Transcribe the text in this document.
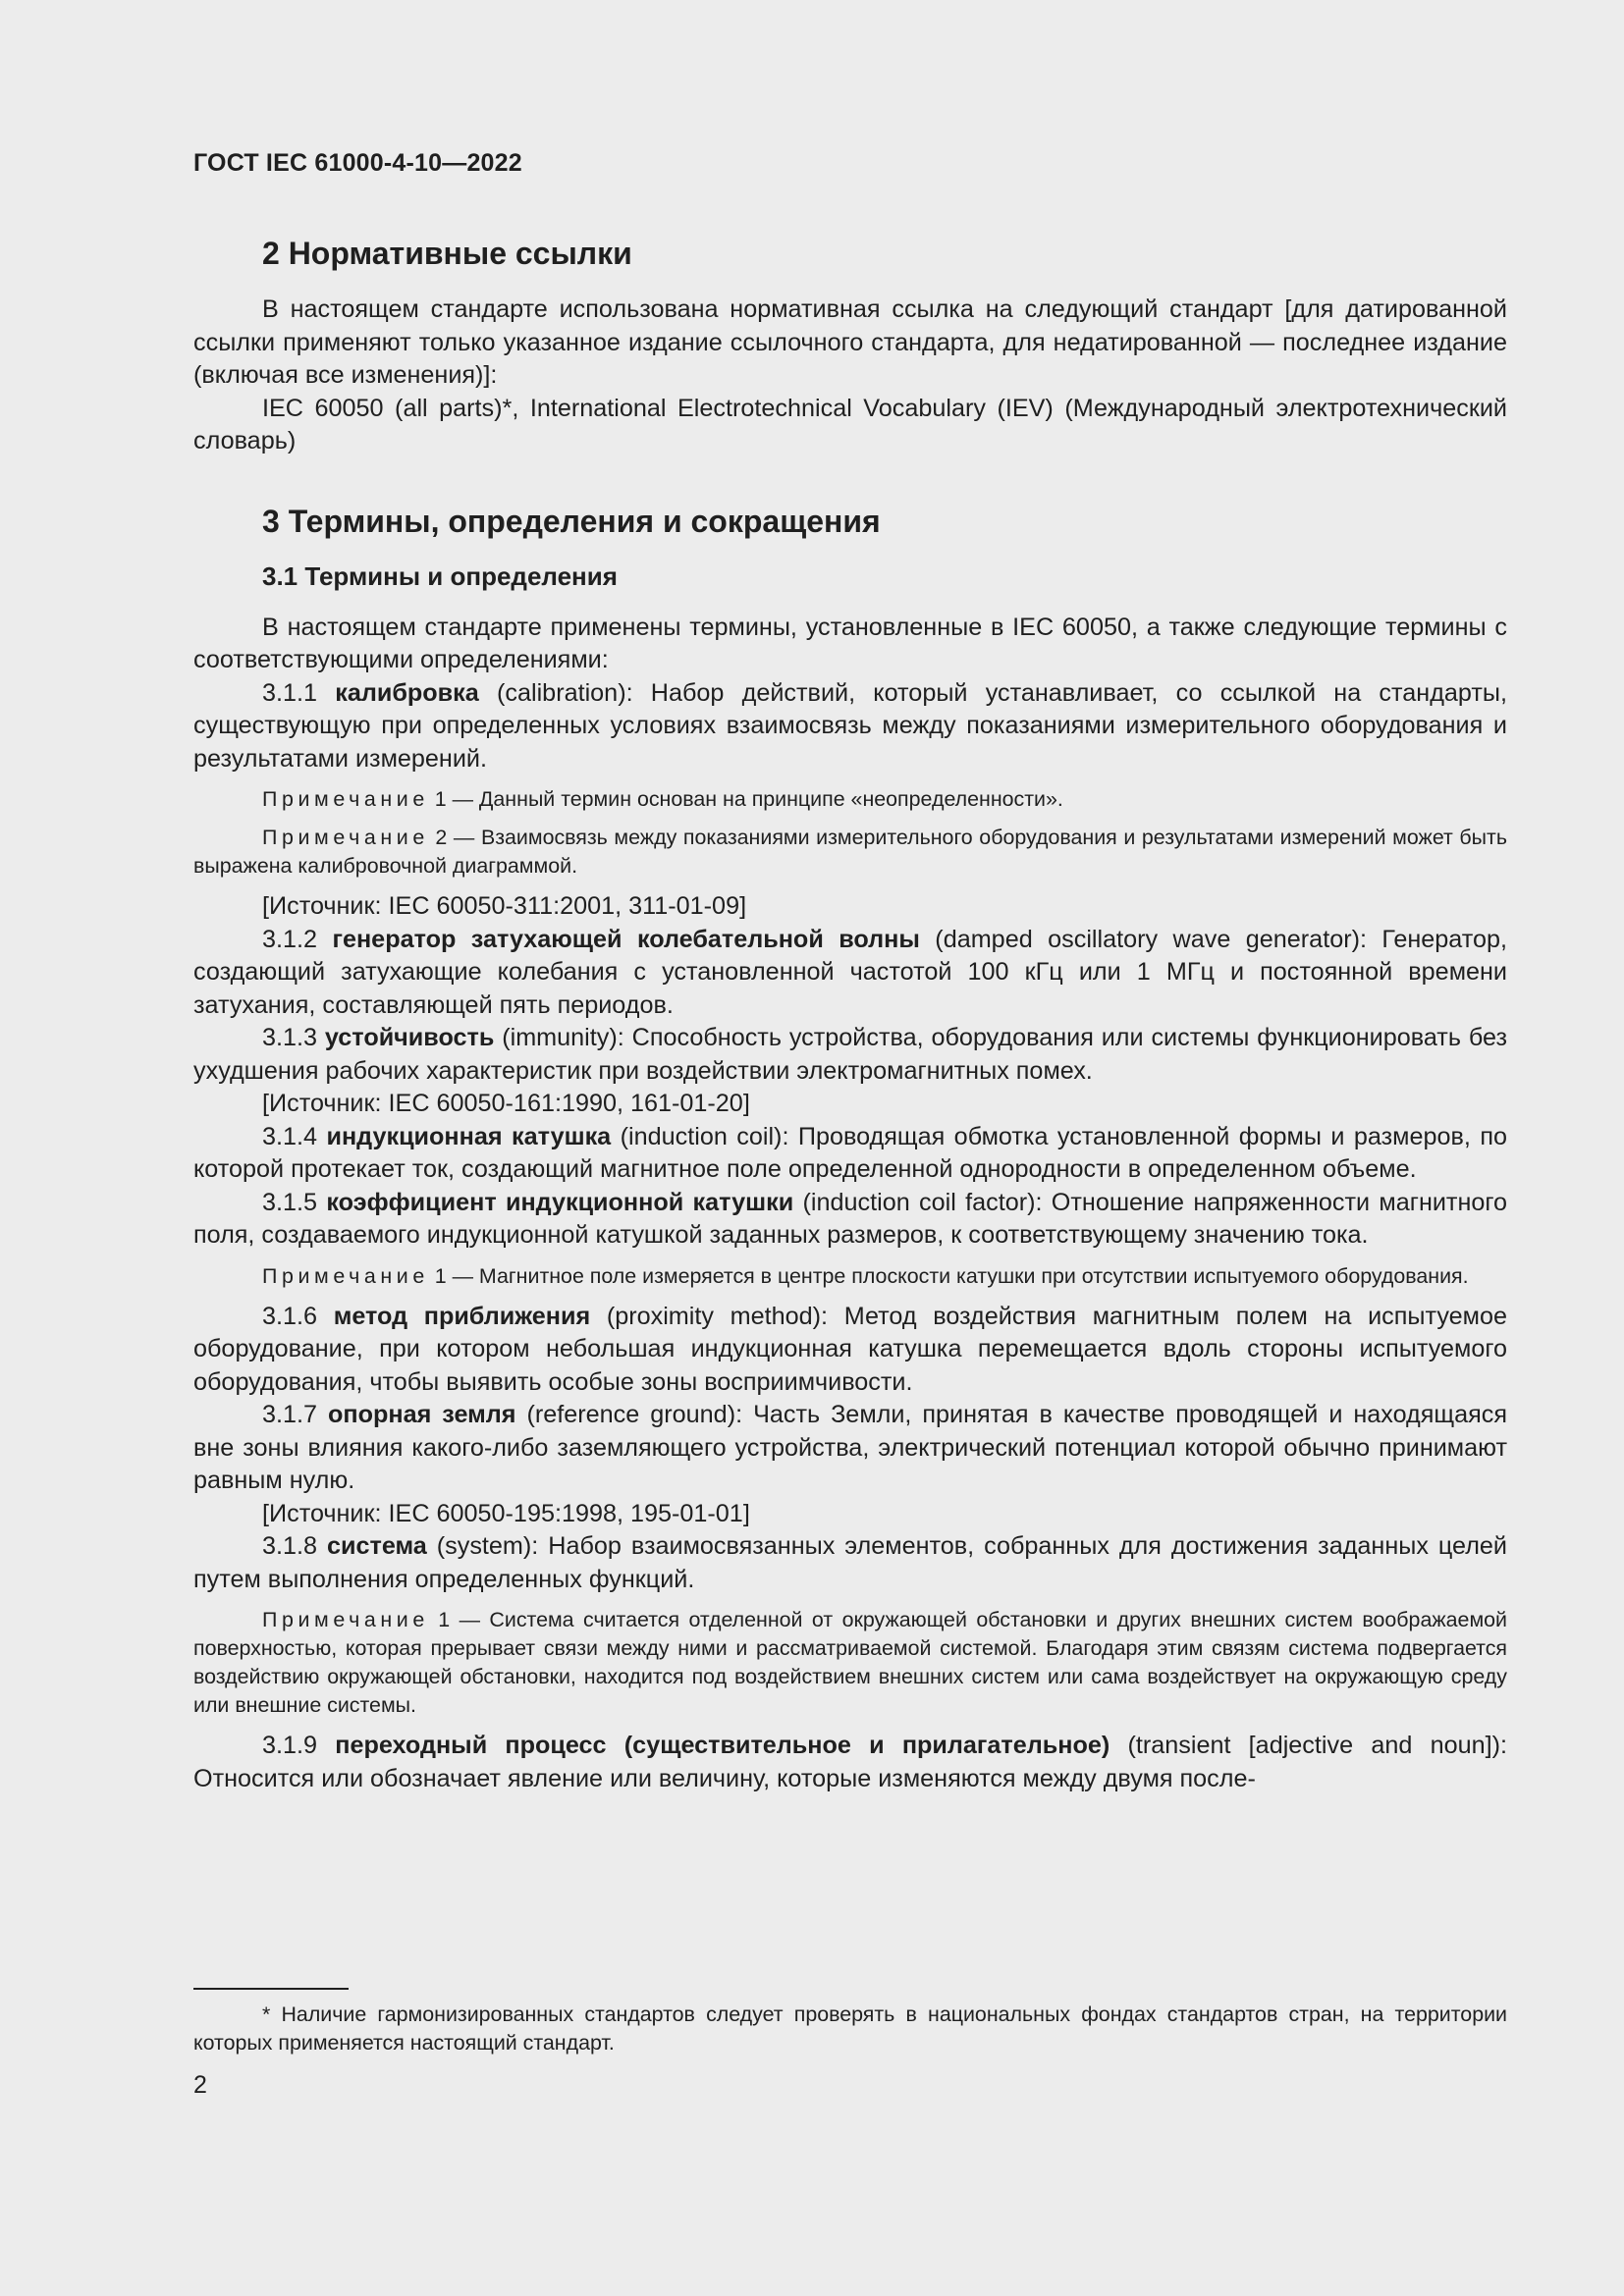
ГОСТ IEC 61000-4-10—2022
2 Нормативные ссылки

В настоящем стандарте использована нормативная ссылка на следующий стандарт [для датированной ссылки применяют только указанное издание ссылочного стандарта, для недатированной — последнее издание (включая все изменения)]:

IEC 60050 (all parts)*, International Electrotechnical Vocabulary (IEV) (Международный электротехнический словарь)

3 Термины, определения и сокращения
3.1 Термины и определения

В настоящем стандарте применены термины, установленные в IEC 60050, а также следующие термины с соответствующими определениями:

3.1.1 калибровка (calibration): Набор действий, который устанавливает, со ссылкой на стандарты, существующую при определенных условиях взаимосвязь между показаниями измерительного оборудования и результатами измерений.

Примечание 1 — Данный термин основан на принципе «неопределенности».

Примечание 2 — Взаимосвязь между показаниями измерительного оборудования и результатами измерений может быть выражена калибровочной диаграммой.

[Источник: IEC 60050-311:2001, 311-01-09]

3.1.2 генератор затухающей колебательной волны (damped oscillatory wave generator): Генератор, создающий затухающие колебания с установленной частотой 100 кГц или 1 МГц и постоянной времени затухания, составляющей пять периодов.

3.1.3 устойчивость (immunity): Способность устройства, оборудования или системы функционировать без ухудшения рабочих характеристик при воздействии электромагнитных помех.

[Источник: IEC 60050-161:1990, 161-01-20]

3.1.4 индукционная катушка (induction coil): Проводящая обмотка установленной формы и размеров, по которой протекает ток, создающий магнитное поле определенной однородности в определенном объеме.

3.1.5 коэффициент индукционной катушки (induction coil factor): Отношение напряженности магнитного поля, создаваемого индукционной катушкой заданных размеров, к соответствующему значению тока.

Примечание 1 — Магнитное поле измеряется в центре плоскости катушки при отсутствии испытуемого оборудования.

3.1.6 метод приближения (proximity method): Метод воздействия магнитным полем на испытуемое оборудование, при котором небольшая индукционная катушка перемещается вдоль стороны испытуемого оборудования, чтобы выявить особые зоны восприимчивости.

3.1.7 опорная земля (reference ground): Часть Земли, принятая в качестве проводящей и находящаяся вне зоны влияния какого-либо заземляющего устройства, электрический потенциал которой обычно принимают равным нулю.

[Источник: IEC 60050-195:1998, 195-01-01]

3.1.8 система (system): Набор взаимосвязанных элементов, собранных для достижения заданных целей путем выполнения определенных функций.

Примечание 1 — Система считается отделенной от окружающей обстановки и других внешних систем воображаемой поверхностью, которая прерывает связи между ними и рассматриваемой системой. Благодаря этим связям система подвергается воздействию окружающей обстановки, находится под воздействием внешних систем или сама воздействует на окружающую среду или внешние системы.

3.1.9 переходный процесс (существительное и прилагательное) (transient [adjective and noun]): Относится или обозначает явление или величину, которые изменяются между двумя после-

* Наличие гармонизированных стандартов следует проверять в национальных фондах стандартов стран, на территории которых применяется настоящий стандарт.

2
